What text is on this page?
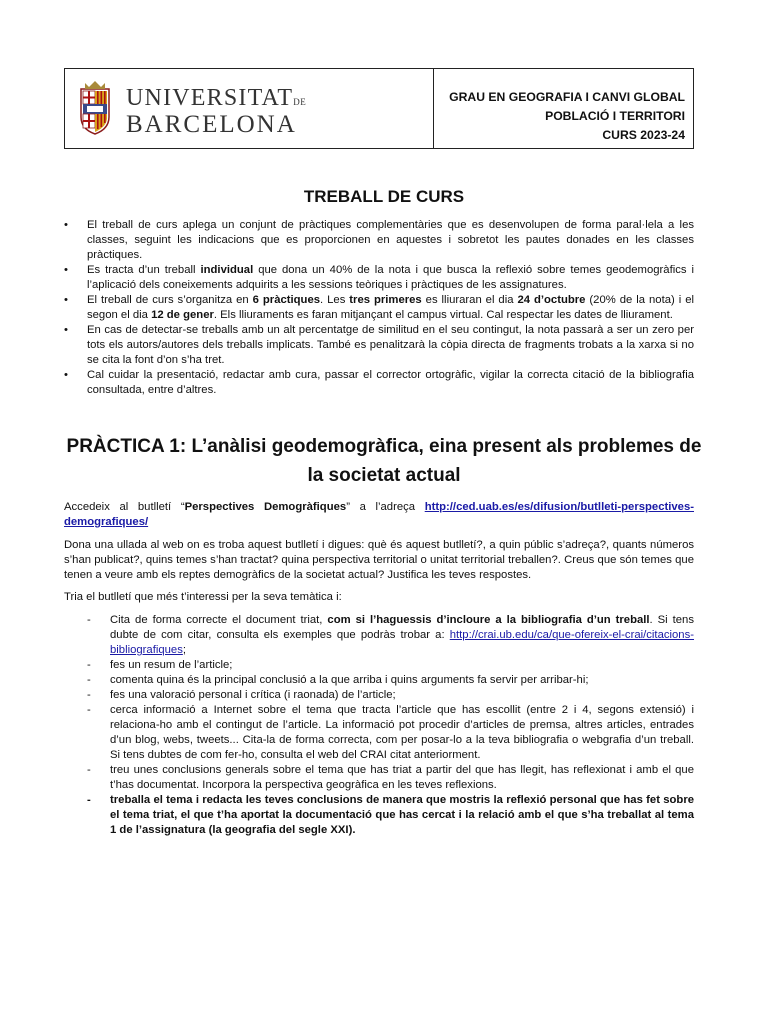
UNIVERSITATDE
BARCELONA
GRAU EN GEOGRAFIA I CANVI GLOBAL
POBLACIÓ I TERRITORI
CURS 2023-24
TREBALL DE CURS
• El treball de curs aplega un conjunt de pràctiques complementàries que es desenvolupen de forma paral·lela a les classes, seguint les indicacions que es proporcionen en aquestes i sobretot les pautes donades en les classes pràctiques.
• Es tracta d’un treball individual que dona un 40% de la nota i que busca la reflexió sobre temes geodemogràfics i l’aplicació dels coneixements adquirits a les sessions teòriques i pràctiques de les assignatures.
• El treball de curs s’organitza en 6 pràctiques. Les tres primeres es lliuraran el dia 24 d’octubre (20% de la nota) i el segon el dia 12 de gener. Els lliuraments es faran mitjançant el campus virtual. Cal respectar les dates de lliurament.
• En cas de detectar-se treballs amb un alt percentatge de similitud en el seu contingut, la nota passarà a ser un zero per tots els autors/autores dels treballs implicats. També es penalitzarà la còpia directa de fragments trobats a la xarxa si no se cita la font d’on s’ha tret.
• Cal cuidar la presentació, redactar amb cura, passar el corrector ortogràfic, vigilar la correcta citació de la bibliografia consultada, entre d’altres.
PRÀCTICA 1: L’anàlisi geodemogràfica, eina present als problemes de la societat actual

Accedeix al butlletí “Perspectives Demogràfiques” a l’adreça http://ced.uab.es/es/difusion/butlleti-perspectives-demograﬁques/

Dona una ullada al web on es troba aquest butlletí i digues: què és aquest butlletí?, a quin públic s’adreça?, quants números s’han publicat?, quins temes s’han tractat? quina perspectiva territorial o unitat territorial treballen?. Creus que són temes que tenen a veure amb els reptes demogràfics de la societat actual? Justifica les teves respostes.

Tria el butlletí que més t’interessi per la seva temàtica i:

- Cita de forma correcte el document triat, com si l’haguessis d’incloure a la bibliografia d’un treball. Si tens dubte de com citar, consulta els exemples que podràs trobar a: http://crai.ub.edu/ca/que-ofereix-el-crai/citacions-bibliografiques;
- fes un resum de l’article;
- comenta quina és la principal conclusió a la que arriba i quins arguments fa servir per arribar-hi;
- fes una valoració personal i crítica (i raonada) de l’article;
- cerca informació a Internet sobre el tema que tracta l’article que has escollit (entre 2 i 4, segons extensió) i relaciona-ho amb el contingut de l’article. La informació pot procedir d’articles de premsa, altres articles, entrades d’un blog, webs, tweets... Cita-la de forma correcta, com per posar-lo a la teva bibliografia o webgrafia d’un treball. Si tens dubtes de com fer-ho, consulta el web del CRAI citat anteriorment.
- treu unes conclusions generals sobre el tema que has triat a partir del que has llegit, has reflexionat i amb el que t’has documentat. Incorpora la perspectiva geogràfica en les teves reflexions.
- treballa el tema i redacta les teves conclusions de manera que mostris la reflexió personal que has fet sobre el tema triat, el que t’ha aportat la documentació que has cercat i la relació amb el que s’ha treballat al tema 1 de l’assignatura (la geografia del segle XXI).
